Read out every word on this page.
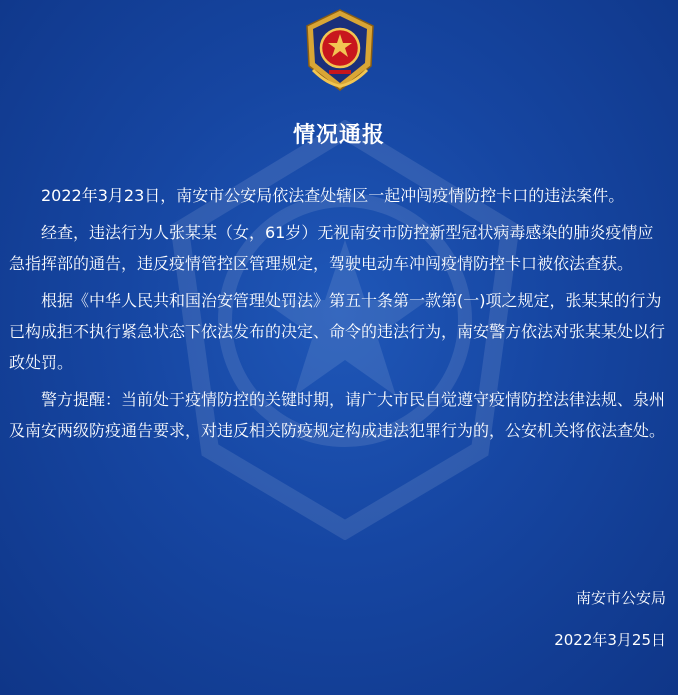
情况通报

2022年3月23日，南安市公安局依法查处辖区一起冲闯疫情防控卡口的违法案件。

经查，违法行为人张某某（女，61岁）无视南安市防控新型冠状病毒感染的肺炎疫情应急指挥部的通告，违反疫情管控区管理规定，驾驶电动车冲闯疫情防控卡口被依法查获。

根据《中华人民共和国治安管理处罚法》第五十条第一款第(一)项之规定，张某某的行为已构成拒不执行紧急状态下依法发布的决定、命令的违法行为，南安警方依法对张某某处以行政处罚。

警方提醒：当前处于疫情防控的关键时期，请广大市民自觉遵守疫情防控法律法规、泉州及南安两级防疫通告要求，对违反相关防疫规定构成违法犯罪行为的，公安机关将依法查处。

南安市公安局
2022年3月25日
